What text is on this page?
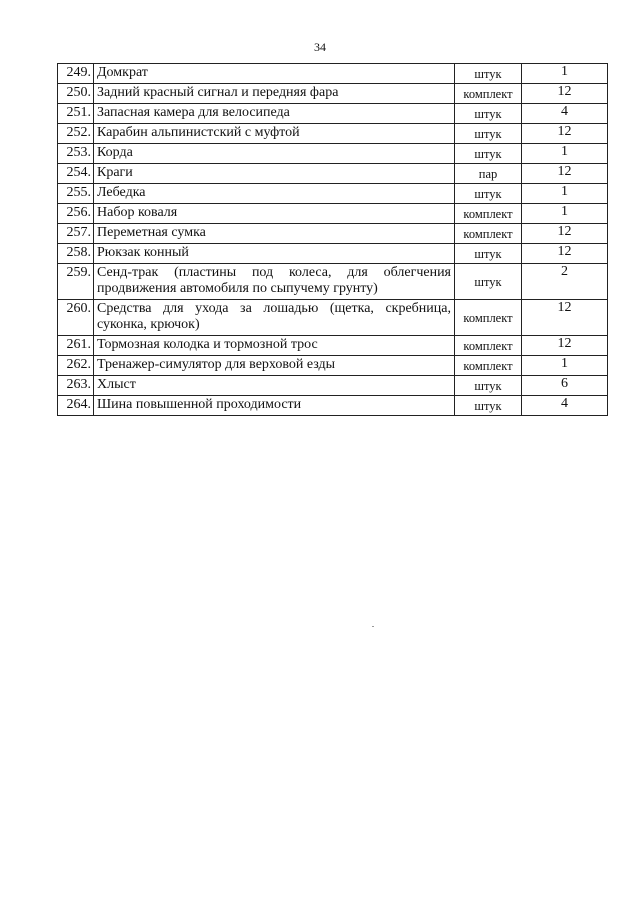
34
249.	Домкрат	штук	1
250.	Задний красный сигнал и передняя фара	комплект	12
251.	Запасная камера для велосипеда	штук	4
252.	Карабин альпинистский с муфтой	штук	12
253.	Корда	штук	1
254.	Краги	пар	12
255.	Лебедка	штук	1
256.	Набор коваля	комплект	1
257.	Переметная сумка	комплект	12
258.	Рюкзак конный	штук	12
259.	Сенд-трак (пластины под колеса, для облегчения продвижения автомобиля по сыпучему грунту)	штук	2
260.	Средства для ухода за лошадью (щетка, скребница, суконка, крючок)	комплект	12
261.	Тормозная колодка и тормозной трос	комплект	12
262.	Тренажер-симулятор для верховой езды	комплект	1
263.	Хлыст	штук	6
264.	Шина повышенной проходимости	штук	4
